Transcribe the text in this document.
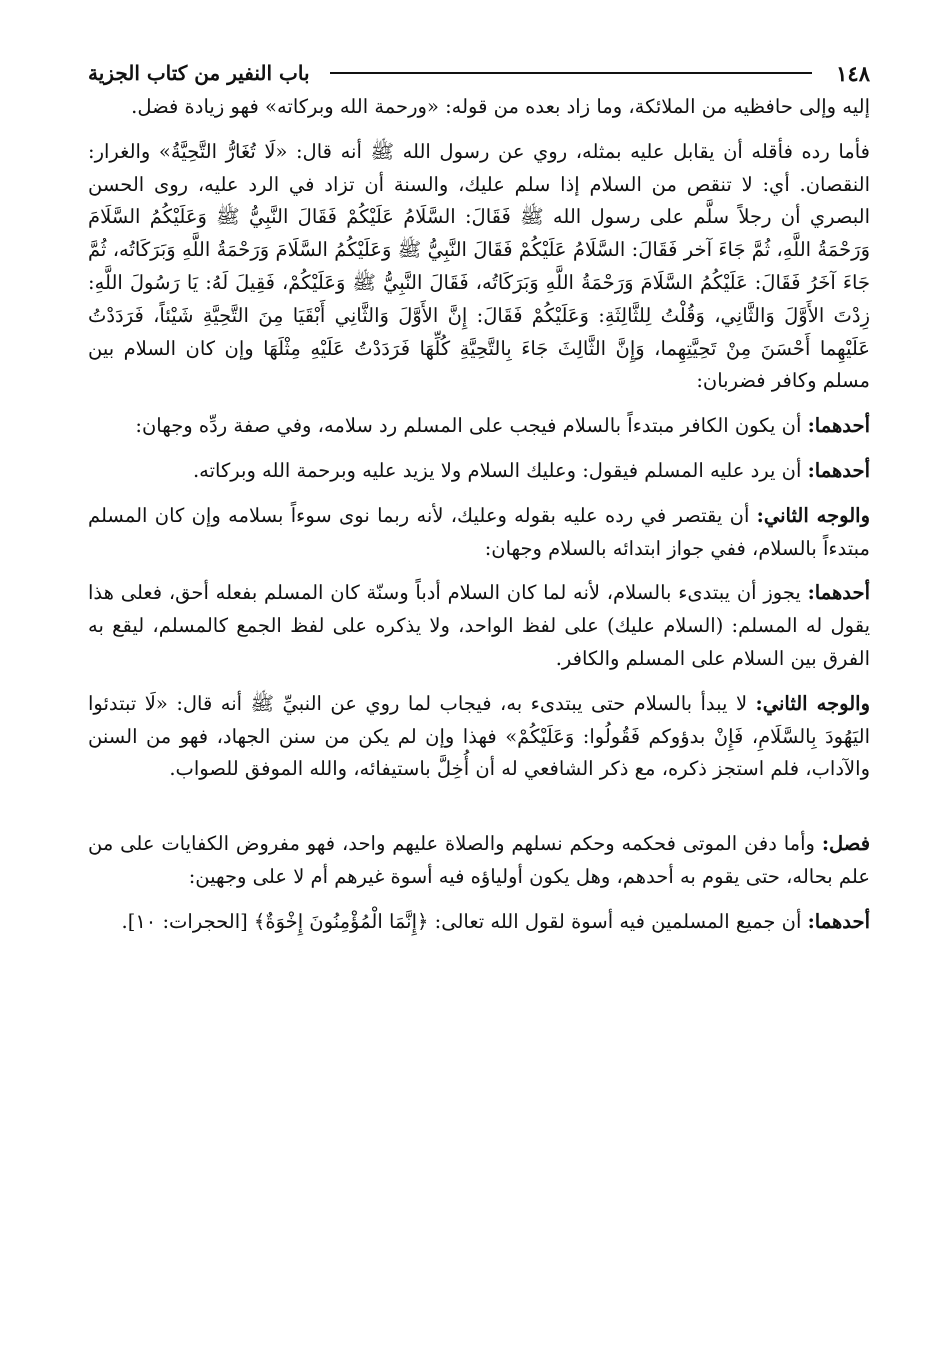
١٤٨
باب النفير من كتاب الجزية

إليه وإلى حافظيه من الملائكة، وما زاد بعده من قوله: «ورحمة الله وبركاته» فهو زيادة فضل.

فأما رده فأقله أن يقابل عليه بمثله، روي عن رسول الله ﷺ أنه قال: «لَا تُغَارُّ التَّحِيَّةُ» والغرار: النقصان. أي: لا تنقص من السلام إذا سلم عليك، والسنة أن تزاد في الرد عليه، روى الحسن البصري أن رجلاً سلَّم على رسول الله ﷺ فَقَالَ: السَّلَامُ عَلَيْكُمْ فَقَالَ النَّبِيُّ ﷺ وَعَلَيْكُمُ السَّلَامَ وَرَحْمَةُ اللَّهِ، ثُمَّ جَاءَ آخر فَقَالَ: السَّلَامُ عَلَيْكُمْ فَقَالَ النَّبِيُّ ﷺ وَعَلَيْكُمُ السَّلَامَ وَرَحْمَةُ اللَّهِ وَبَرَكَاتُه، ثُمَّ جَاءَ آخَرُ فَقَالَ: عَلَيْكُمُ السَّلَامَ وَرَحْمَةُ اللَّهِ وَبَرَكَاتُه، فَقَالَ النَّبِيُّ ﷺ وَعَلَيْكُمْ، فَقِيلَ لَهُ: يَا رَسُولَ اللَّهِ: زِدْتَ الأَوَّلَ وَالثَّانِي، وَقُلْتُ لِلثَّالِثَةِ: وَعَلَيْكُمْ فَقَالَ: إِنَّ الأَوَّلَ وَالثَّانِي أَبْقَيَا مِنَ التَّحِيَّةِ شَيْئاً، فَرَدَدْتُ عَلَيْهِما أَحْسَنَ مِنْ تَحِيَّتِهِما، وَإِنَّ الثَّالِثَ جَاءَ بِالتَّحِيَّةِ كُلِّهَا فَرَدَدْتُ عَلَيْهِ مِثْلَهَا وإن كان السلام بين مسلم وكافر فضربان:

أحدهما: أن يكون الكافر مبتدءاً بالسلام فيجب على المسلم رد سلامه، وفي صفة ردِّه وجهان:

أحدهما: أن يرد عليه المسلم فيقول: وعليك السلام ولا يزيد عليه وبرحمة الله وبركاته.

والوجه الثاني: أن يقتصر في رده عليه بقوله وعليك، لأنه ربما نوى سوءاً بسلامه وإن كان المسلم مبتدءاً بالسلام، ففي جواز ابتدائه بالسلام وجهان:

أحدهما: يجوز أن يبتدىء بالسلام، لأنه لما كان السلام أدباً وسنّة كان المسلم بفعله أحق، فعلى هذا يقول له المسلم: (السلام عليك) على لفظ الواحد، ولا يذكره على لفظ الجمع كالمسلم، ليقع به الفرق بين السلام على المسلم والكافر.

والوجه الثاني: لا يبدأ بالسلام حتى يبتدىء به، فيجاب لما روي عن النبيِّ ﷺ أنه قال: «لَا تبتدئوا اليَهُودَ بِالسَّلَامِ، فَإِنْ بدؤوكم فَقُولُوا: وَعَلَيْكُمْ» فهذا وإن لم يكن من سنن الجهاد، فهو من السنن والآداب، فلم استجز ذكره، مع ذكر الشافعي له أن أُخِلَّ باستيفائه، والله الموفق للصواب.

فصل: وأما دفن الموتى فحكمه وحكم نسلهم والصلاة عليهم واحد، فهو مفروض الكفايات على من علم بحاله، حتى يقوم به أحدهم، وهل يكون أولياؤه فيه أسوة غيرهم أم لا على وجهين:

أحدهما: أن جميع المسلمين فيه أسوة لقول الله تعالى: ﴿إِنَّمَا الْمُؤْمِنُونَ إِخْوَةٌ﴾ [الحجرات: ١٠].
